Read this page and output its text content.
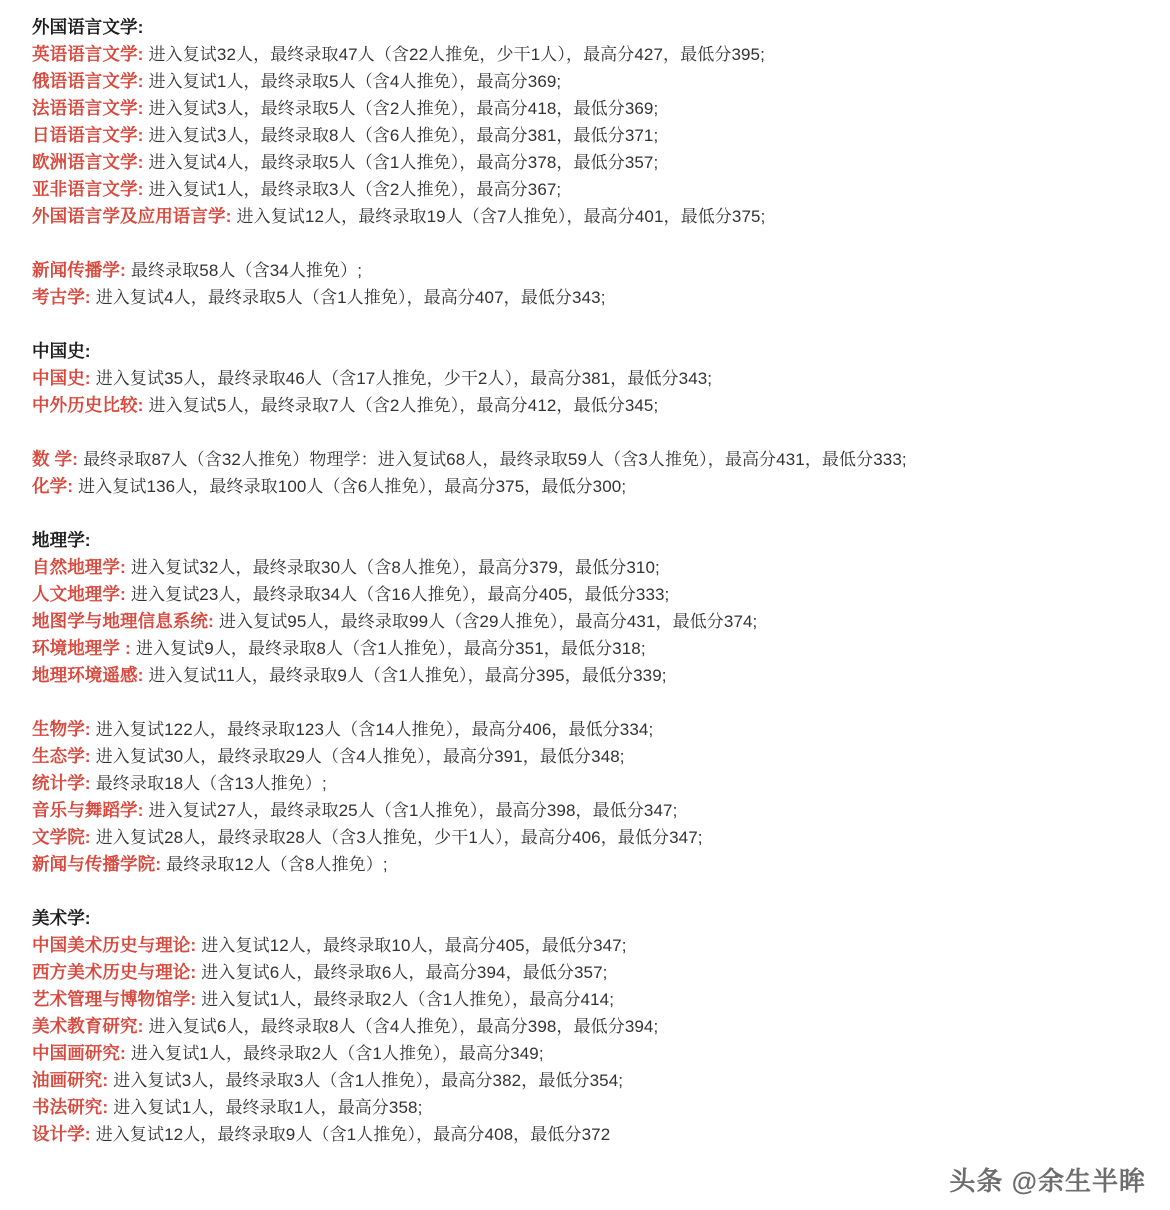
外国语言文学:
英语语言文学: 进入复试32人，最终录取47人（含22人推免，少干1人），最高分427，最低分395;
俄语语言文学: 进入复试1人，最终录取5人（含4人推免），最高分369;
法语语言文学: 进入复试3人，最终录取5人（含2人推免），最高分418，最低分369;
日语语言文学: 进入复试3人，最终录取8人（含6人推免），最高分381，最低分371;
欧洲语言文学: 进入复试4人，最终录取5人（含1人推免），最高分378，最低分357;
亚非语言文学: 进入复试1人，最终录取3人（含2人推免），最高分367;
外国语言学及应用语言学: 进入复试12人，最终录取19人（含7人推免），最高分401，最低分375;
新闻传播学: 最终录取58人（含34人推免）;
考古学: 进入复试4人，最终录取5人（含1人推免），最高分407，最低分343;
中国史:
中国史: 进入复试35人，最终录取46人（含17人推免，少干2人），最高分381，最低分343;
中外历史比较: 进入复试5人，最终录取7人（含2人推免），最高分412，最低分345;
数 学: 最终录取87人（含32人推免）物理学：进入复试68人，最终录取59人（含3人推免），最高分431，最低分333;
化学: 进入复试136人，最终录取100人（含6人推免），最高分375，最低分300;
地理学:
自然地理学: 进入复试32人，最终录取30人（含8人推免），最高分379，最低分310;
人文地理学: 进入复试23人，最终录取34人（含16人推免），最高分405，最低分333;
地图学与地理信息系统: 进入复试95人，最终录取99人（含29人推免），最高分431，最低分374;
环境地理学 : 进入复试9人，最终录取8人（含1人推免），最高分351，最低分318;
地理环境遥感: 进入复试11人，最终录取9人（含1人推免），最高分395，最低分339;
生物学: 进入复试122人，最终录取123人（含14人推免），最高分406，最低分334;
生态学: 进入复试30人，最终录取29人（含4人推免），最高分391，最低分348;
统计学: 最终录取18人（含13人推免）;
音乐与舞蹈学: 进入复试27人，最终录取25人（含1人推免），最高分398，最低分347;
文学院: 进入复试28人，最终录取28人（含3人推免，少干1人），最高分406，最低分347;
新闻与传播学院: 最终录取12人（含8人推免）;
美术学:
中国美术历史与理论: 进入复试12人，最终录取10人，最高分405，最低分347;
西方美术历史与理论: 进入复试6人，最终录取6人，最高分394，最低分357;
艺术管理与博物馆学: 进入复试1人，最终录取2人（含1人推免），最高分414;
美术教育研究: 进入复试6人，最终录取8人（含4人推免），最高分398，最低分394;
中国画研究: 进入复试1人，最终录取2人（含1人推免），最高分349;
油画研究: 进入复试3人，最终录取3人（含1人推免），最高分382，最低分354;
书法研究: 进入复试1人，最终录取1人，最高分358;
设计学: 进入复试12人，最终录取9人（含1人推免），最高分408，最低分372
头条 @余生半眸
